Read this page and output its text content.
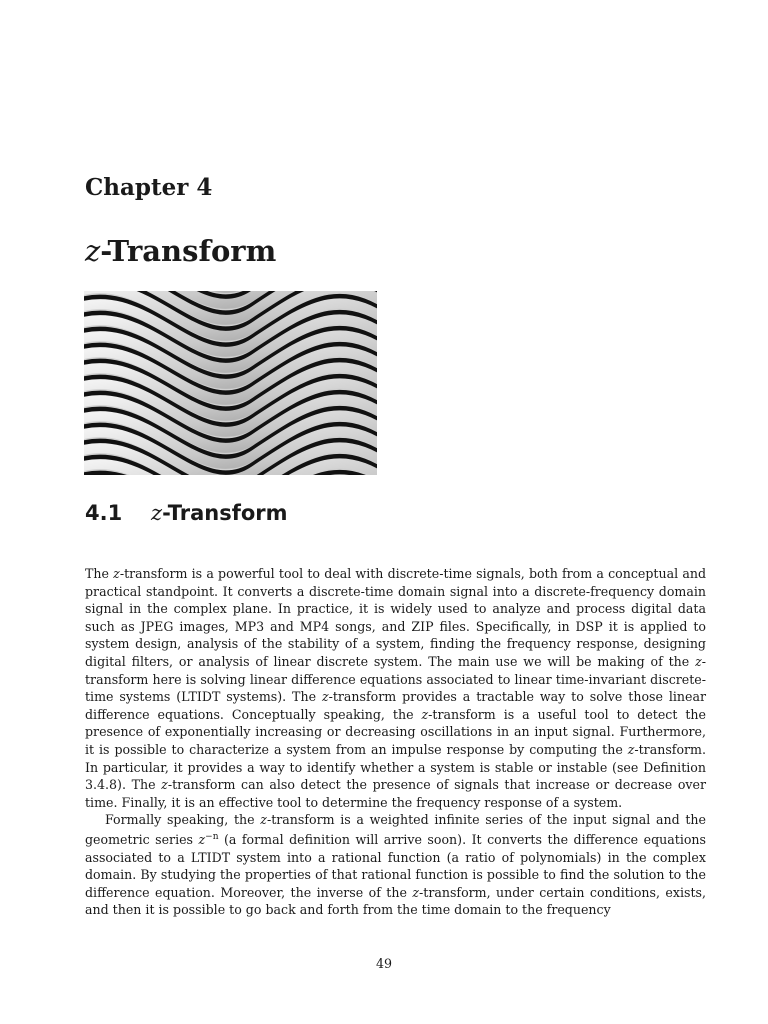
Chapter 4
z-Transform
4.1 z-Transform

The z-transform is a powerful tool to deal with discrete-time signals, both from a conceptual and practical standpoint. It converts a discrete-time domain signal into a discrete-frequency domain signal in the complex plane. In practice, it is widely used to analyze and process digital data such as JPEG images, MP3 and MP4 songs, and ZIP files. Specifically, in DSP it is applied to system design, analysis of the stability of a system, finding the frequency response, designing digital filters, or analysis of linear discrete system. The main use we will be making of the z-transform here is solving linear difference equations associated to linear time-invariant discrete-time systems (LTIDT systems). The z-transform provides a tractable way to solve those linear difference equations. Conceptually speaking, the z-transform is a useful tool to detect the presence of exponentially increasing or decreasing oscillations in an input signal. Furthermore, it is possible to characterize a system from an impulse response by computing the z-transform. In particular, it provides a way to identify whether a system is stable or instable (see Definition 3.4.8). The z-transform can also detect the presence of signals that increase or decrease over time. Finally, it is an effective tool to determine the frequency response of a system.

Formally speaking, the z-transform is a weighted infinite series of the input signal and the geometric series $z^{-n}$ (a formal definition will arrive soon). It converts the difference equations associated to a LTIDT system into a rational function (a ratio of polynomials) in the complex domain. By studying the properties of that rational function is possible to find the solution to the difference equation. Moreover, the inverse of the z-transform, under certain conditions, exists, and then it is possible to go back and forth from the time domain to the frequency

49
